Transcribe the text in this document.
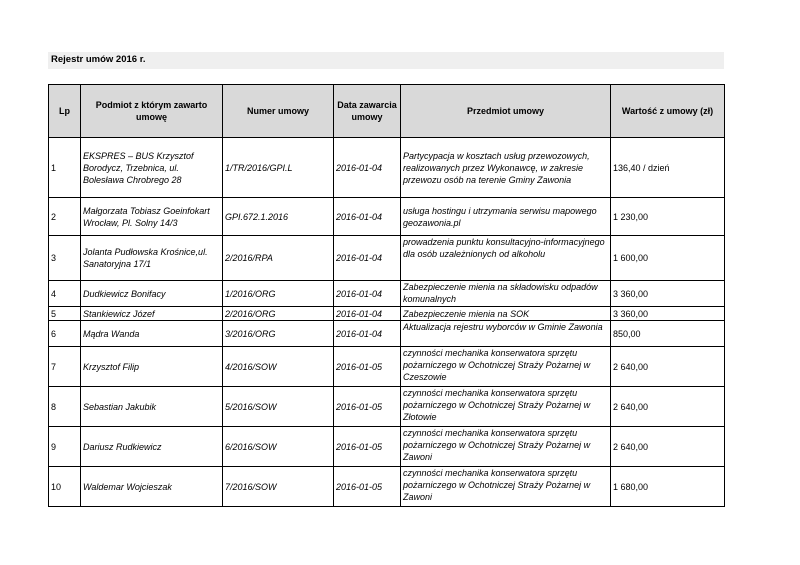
Rejestr umów 2016 r.
Lp	Podmiot z którym zawarto umowę	Numer umowy	Data zawarcia umowy	Przedmiot umowy	Wartość z umowy (zł)
1	EKSPRES – BUS Krzysztof Borodycz, Trzebnica, ul. Bolesława Chrobrego 28	1/TR/2016/GPI.L	2016-01-04	Partycypacja w kosztach usług przewozowych, realizowanych przez Wykonawcę, w zakresie przewozu osób na terenie Gminy Zawonia	136,40 / dzień
2	Małgorzata Tobiasz Goeinfokart Wrocław, Pl. Solny 14/3	GPI.672.1.2016	2016-01-04	usługa hostingu i utrzymania serwisu mapowego geozawonia.pl	1 230,00
3	Jolanta Pudłowska Krośnice,ul. Sanatoryjna 17/1	2/2016/RPA	2016-01-04	prowadzenia punktu konsultacyjno-informacyjnego dla osób uzależnionych od alkoholu	1 600,00
4	Dudkiewicz Bonifacy	1/2016/ORG	2016-01-04	Zabezpieczenie mienia na składowisku odpadów komunalnych	3 360,00
5	Stankiewicz Józef	2/2016/ORG	2016-01-04	Zabezpieczenie mienia na SOK	3 360,00
6	Mądra Wanda	3/2016/ORG	2016-01-04	Aktualizacja rejestru wyborców w Gminie Zawonia	850,00
7	Krzysztof Filip	4/2016/SOW	2016-01-05	czynności mechanika konserwatora sprzętu pożarniczego w Ochotniczej Straży Pożarnej w Czeszowie	2 640,00
8	Sebastian Jakubik	5/2016/SOW	2016-01-05	czynności mechanika konserwatora sprzętu pożarniczego w Ochotniczej Straży Pożarnej w Złotowie	2 640,00
9	Dariusz Rudkiewicz	6/2016/SOW	2016-01-05	czynności mechanika konserwatora sprzętu pożarniczego w Ochotniczej Straży Pożarnej w Zawoni	2 640,00
10	Waldemar Wojcieszak	7/2016/SOW	2016-01-05	czynności mechanika konserwatora sprzętu pożarniczego w Ochotniczej Straży Pożarnej w Zawoni	1 680,00
